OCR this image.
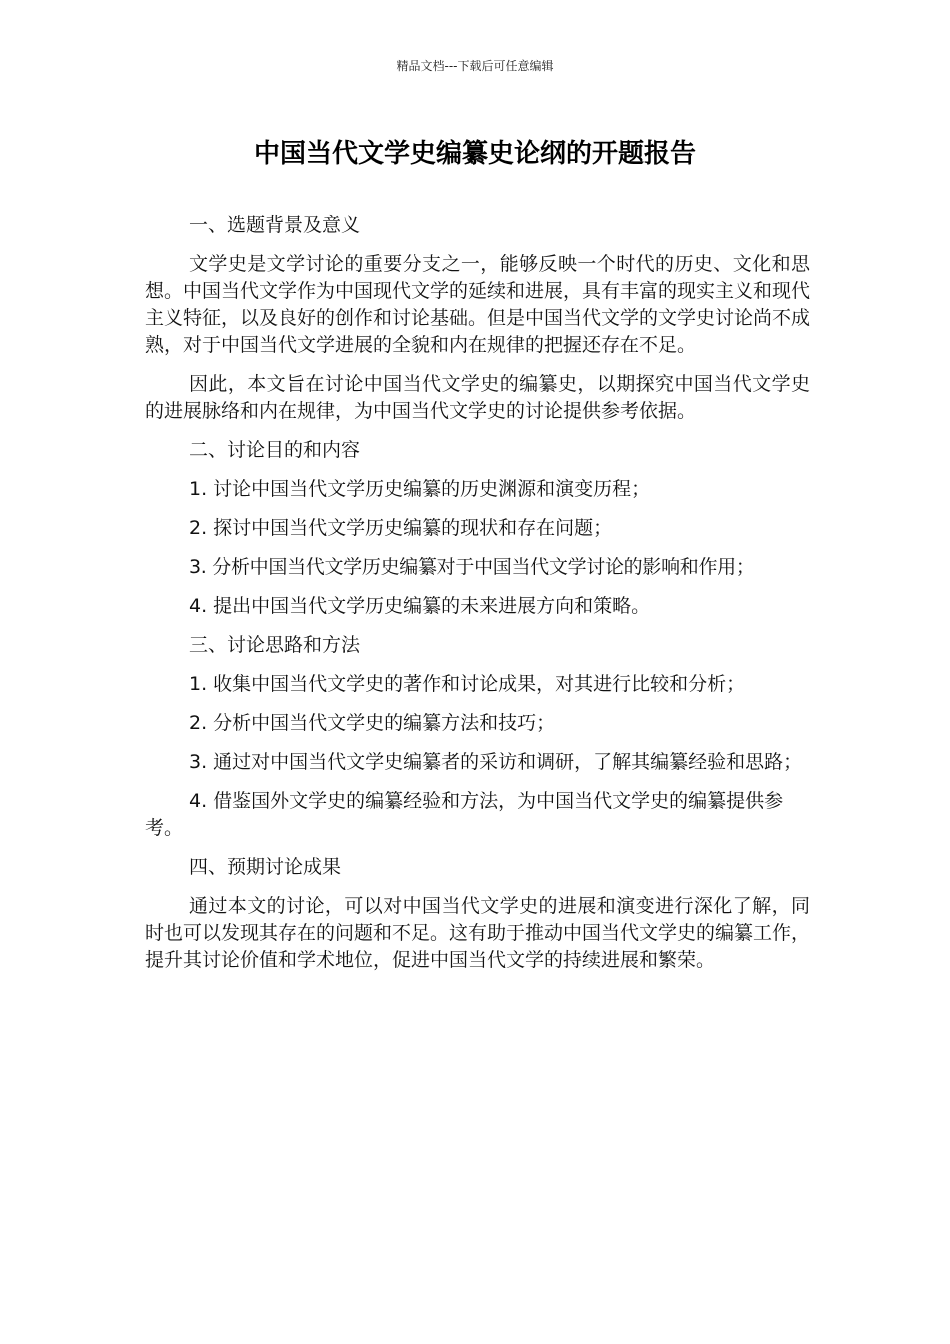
精品文档---下载后可任意编辑
中国当代文学史编纂史论纲的开题报告

一、选题背景及意义

文学史是文学讨论的重要分支之一，能够反映一个时代的历史、文化和思想。中国当代文学作为中国现代文学的延续和进展，具有丰富的现实主义和现代主义特征，以及良好的创作和讨论基础。但是中国当代文学的文学史讨论尚不成熟，对于中国当代文学进展的全貌和内在规律的把握还存在不足。

因此，本文旨在讨论中国当代文学史的编纂史，以期探究中国当代文学史的进展脉络和内在规律，为中国当代文学史的讨论提供参考依据。

二、讨论目的和内容

1. 讨论中国当代文学历史编纂的历史渊源和演变历程；

2. 探讨中国当代文学历史编纂的现状和存在问题；

3. 分析中国当代文学历史编纂对于中国当代文学讨论的影响和作用；

4. 提出中国当代文学历史编纂的未来进展方向和策略。

三、讨论思路和方法

1. 收集中国当代文学史的著作和讨论成果，对其进行比较和分析；

2. 分析中国当代文学史的编纂方法和技巧；

3. 通过对中国当代文学史编纂者的采访和调研，了解其编纂经验和思路；

4. 借鉴国外文学史的编纂经验和方法，为中国当代文学史的编纂提供参考。

四、预期讨论成果

通过本文的讨论，可以对中国当代文学史的进展和演变进行深化了解，同时也可以发现其存在的问题和不足。这有助于推动中国当代文学史的编纂工作，提升其讨论价值和学术地位，促进中国当代文学的持续进展和繁荣。
